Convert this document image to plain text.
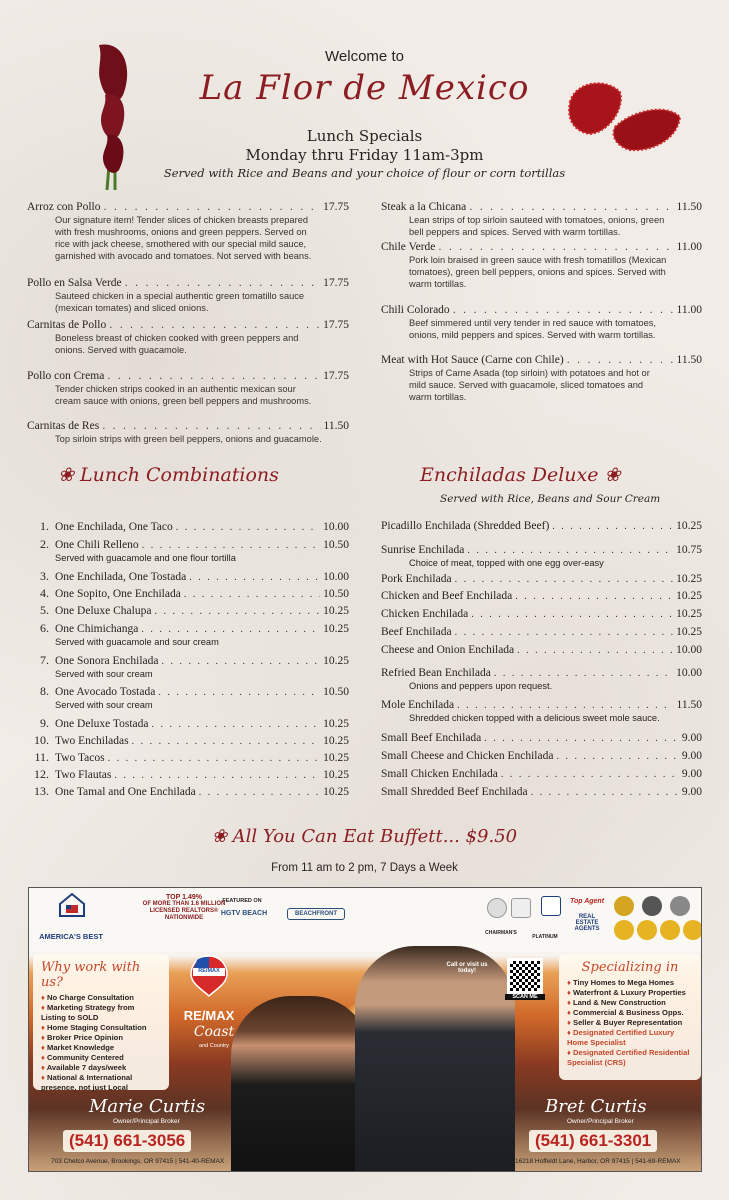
Welcome to
La Flor de Mexico
Lunch Specials
Monday thru Friday 11am-3pm
Served with Rice and Beans and your choice of flour or corn tortillas
Arroz con Pollo . . .	17.75
Our signature item! Tender slices of chicken breasts prepared
with fresh mushrooms, onions and green peppers. Served on
rice with jack cheese, smothered with our special mild sauce,
garnished with avocado and tomatoes. Not served with beans.
Pollo en Salsa Verde . . .	17.75
Sauteed chicken in a special authentic green tomatillo sauce
(mexican tomates) and sliced onions.
Carnitas de Pollo . . .	17.75
Boneless breast of chicken cooked with green peppers and
onions. Served with guacamole.
Pollo con Crema . . .	17.75
Tender chicken strips cooked in an authentic mexican sour
cream sauce with onions, green bell peppers and mushrooms.
Carnitas de Res . . .	11.50
Top sirloin strips with green bell peppers, onions and guacamole.
Steak a la Chicana . . .	11.50
Lean strips of top sirloin sauteed with tomatoes, onions, green
bell peppers and spices. Served with warm tortillas.
Chile Verde . . .	11.00
Pork loin braised in green sauce with fresh tomatillos (Mexican
tomatoes), green bell peppers, onions and spices. Served with
warm tortillas.
Chili Colorado . . .	11.00
Beef simmered until very tender in red sauce with tomatoes,
onions, mild peppers and spices. Served with warm tortillas.
Meat with Hot Sauce (Carne con Chile) . . .	11.50
Strips of Carne Asada (top sirloin) with potatoes and hot or
mild sauce. Served with guacamole, sliced tomatoes and
warm tortillas.
❀ Lunch Combinations	Enchiladas Deluxe ❀
Served with Rice, Beans and Sour Cream
1. One Enchilada, One Taco . . .	10.00
2. One Chili Relleno . . .	10.50
Served with guacamole and one flour tortilla
3. One Enchilada, One Tostada . . .	10.00
4. One Sopito, One Enchilada . . .	10.50
5. One Deluxe Chalupa . . .	10.25
6. One Chimichanga . . .	10.25
Served with guacamole and sour cream
7. One Sonora Enchilada . . .	10.25
Served with sour cream
8. One Avocado Tostada . . .	10.50
Served with sour cream
9. One Deluxe Tostada . . .	10.25
10. Two Enchiladas . . .	10.25
11. Two Tacos . . .	10.25
12. Two Flautas . . .	10.25
13. One Tamal and One Enchilada . . .	10.25
Picadillo Enchilada (Shredded Beef) . . .	10.25
Sunrise Enchilada . . .	10.75
Choice of meat, topped with one egg over-easy
Pork Enchilada . . .	10.25
Chicken and Beef Enchilada . . .	10.25
Chicken Enchilada . . .	10.25
Beef Enchilada . . .	10.25
Cheese and Onion Enchilada . . .	10.00
Refried Bean Enchilada . . .	10.00
Onions and peppers upon request.
Mole Enchilada . . .	11.50
Shredded chicken topped with a delicious sweet mole sauce.
Small Beef Enchilada . . .	9.00
Small Cheese and Chicken Enchilada . . .	9.00
Small Chicken Enchilada . . .	9.00
Small Shredded Beef Enchilada . . .	9.00
❀ All You Can Eat Buffett... $9.50
From 11 am to 2 pm, 7 Days a Week
AMERICA'S BEST
TOP 1.49%
OF MORE THAN 1.6 MILLION
LICENSED REALTORS®
NATIONWIDE
FEATURED ON
HGTV BEACH	BEACHFRONT
CHAIRMAN'S
PLATINUM
Top Agent
REAL ESTATE AGENTS
Why work with us?
♦ No Charge Consultation
♦ Marketing Strategy from Listing to SOLD
♦ Home Staging Consultation
♦ Broker Price Opinion
♦ Market Knowledge
♦ Community Centered
♦ Available 7 days/week
♦ National & International presence, not just Local
RE/MAX
RE/MAX
Coast
and Country
Call or visit us today!
SCAN ME
Specializing in
♦ Tiny Homes to Mega Homes
♦ Waterfront & Luxury Properties
♦ Land & New Construction
♦ Commercial & Business Opps.
♦ Seller & Buyer Representation
♦ Designated Certified Luxury Home Specialist
♦ Designated Certified Residential Specialist (CRS)
Marie Curtis
Owner/Principal Broker
(541) 661-3056
703 Chetco Avenue, Brookings, OR 97415 | 541-40-REMAX
Bret Curtis
Owner/Principal Broker
(541) 661-3301
16218 Hoffeldt Lane, Harbor, OR 97415 | 541-69-REMAX
